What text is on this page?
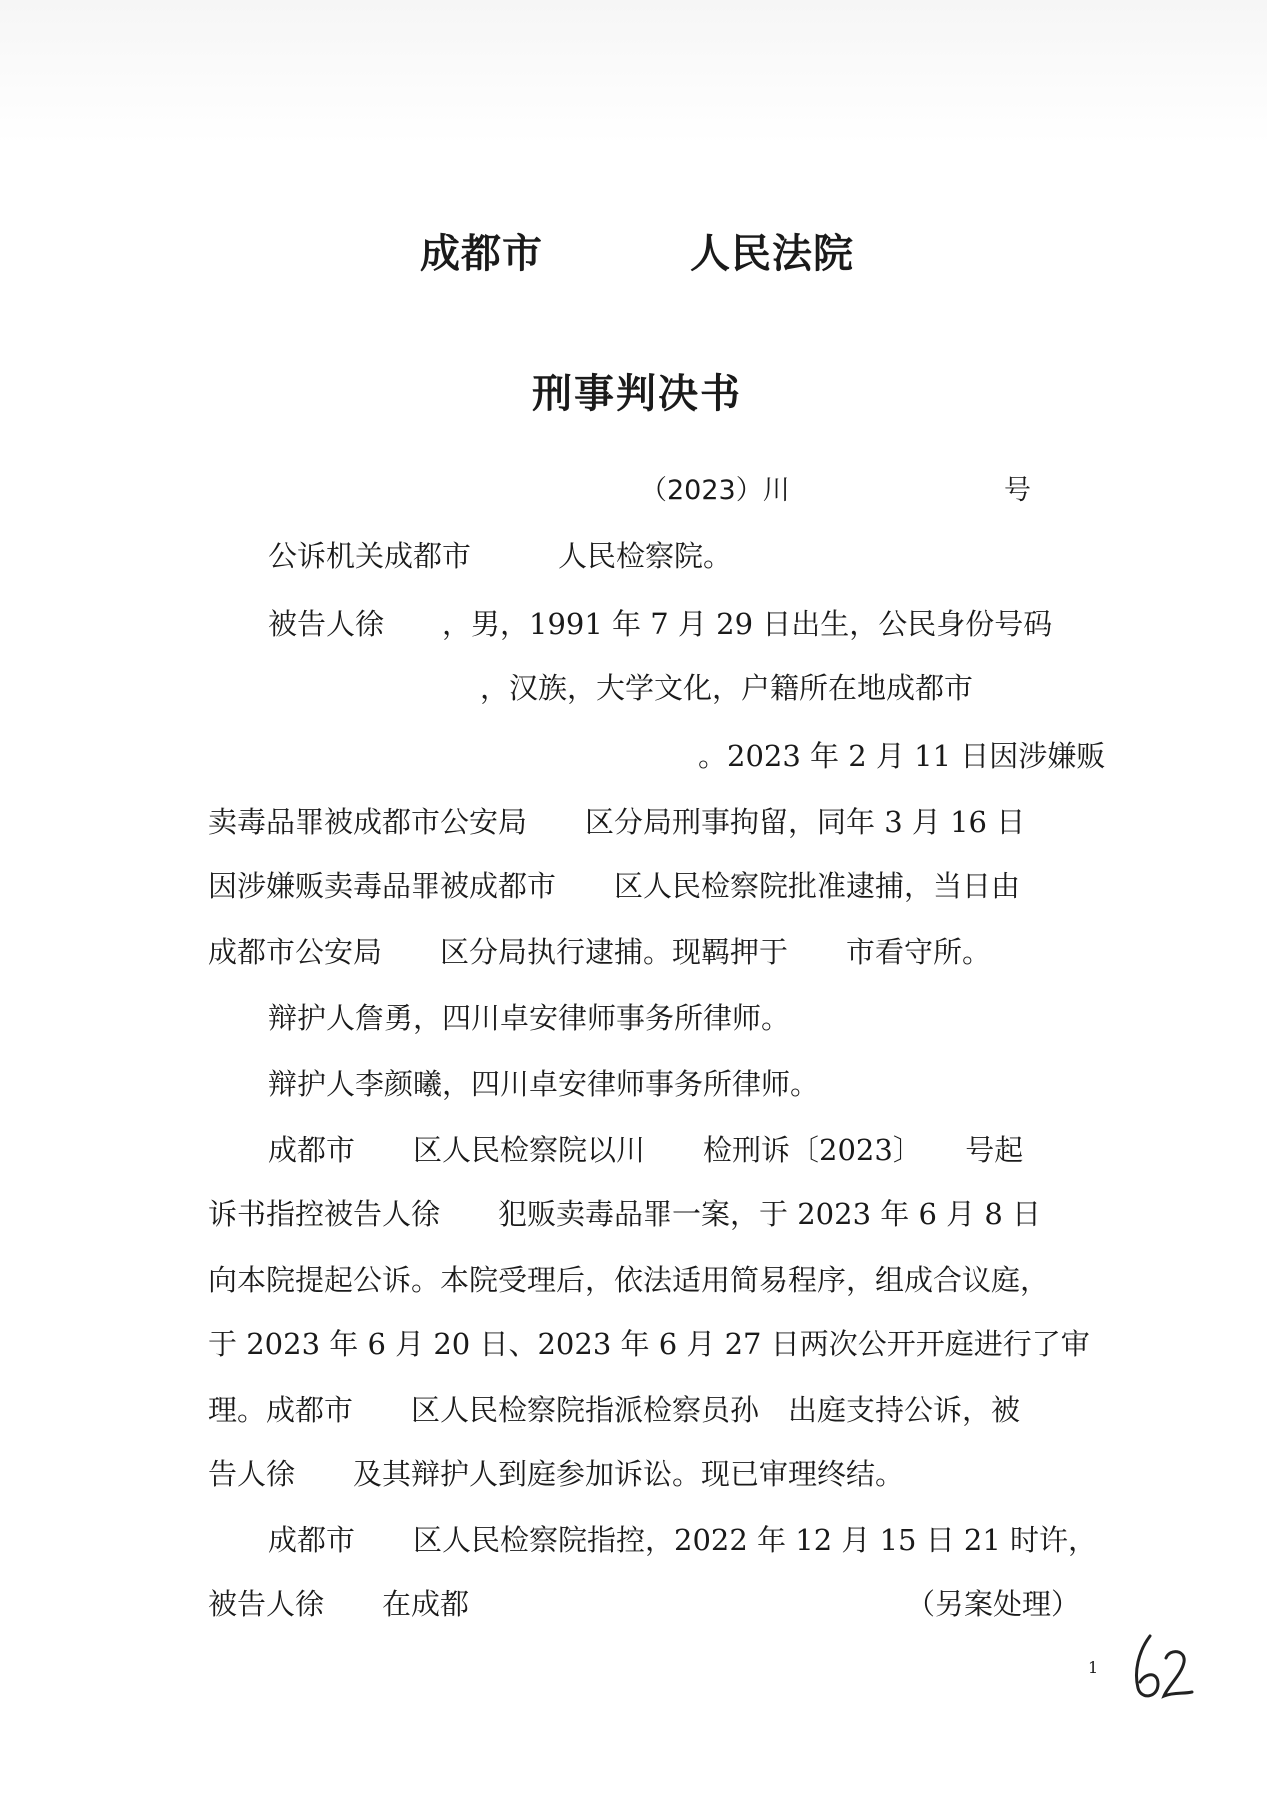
成都市	人民法院
刑事判决书
（2023）川	号
公诉机关成都市　　　人民检察院。
被告人徐　　，男，1991 年 7 月 29 日出生，公民身份号码
，汉族，大学文化，户籍所在地成都市
。2023 年 2 月 11 日因涉嫌贩
卖毒品罪被成都市公安局　　区分局刑事拘留，同年 3 月 16 日
因涉嫌贩卖毒品罪被成都市　　区人民检察院批准逮捕，当日由
成都市公安局　　区分局执行逮捕。现羁押于　　市看守所。
辩护人詹勇，四川卓安律师事务所律师。
辩护人李颜曦，四川卓安律师事务所律师。
成都市　　区人民检察院以川　　检刑诉〔2023〕　　号起
诉书指控被告人徐　　犯贩卖毒品罪一案，于 2023 年 6 月 8 日
向本院提起公诉。本院受理后，依法适用简易程序，组成合议庭，
于 2023 年 6 月 20 日、2023 年 6 月 27 日两次公开开庭进行了审
理。成都市　　区人民检察院指派检察员孙　出庭支持公诉，被
告人徐　　及其辩护人到庭参加诉讼。现已审理终结。
成都市　　区人民检察院指控，2022 年 12 月 15 日 21 时许，
被告人徐　　在成都	（另案处理）
1
